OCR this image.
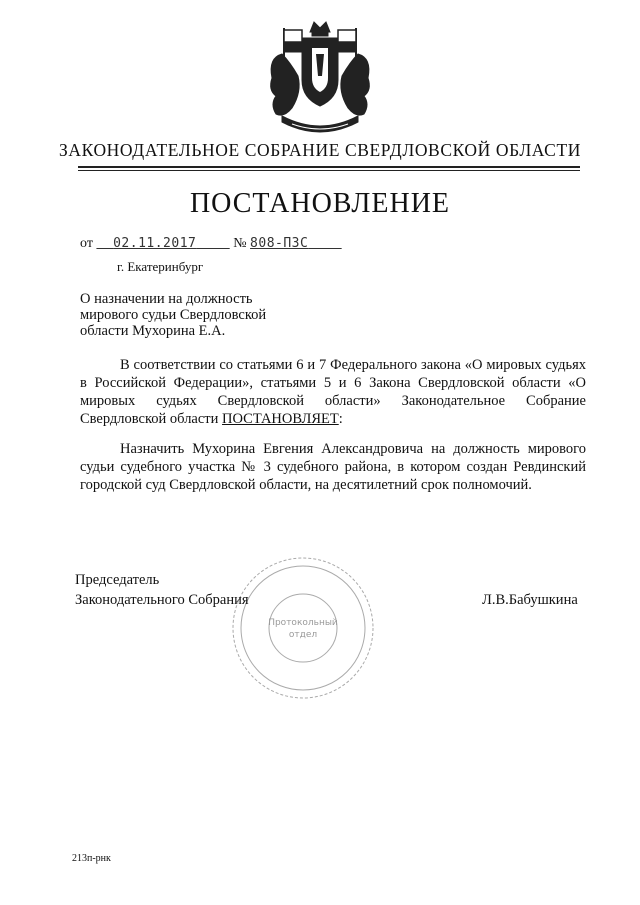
ЗАКОНОДАТЕЛЬНОЕ СОБРАНИЕ СВЕРДЛОВСКОЙ ОБЛАСТИ
ПОСТАНОВЛЕНИЕ
от 02.11.2017	№ 808-ПЗС
г. Екатеринбург
О назначении на должность
мирового судьи Свердловской
области Мухорина Е.А.

В соответствии со статьями 6 и 7 Федерального закона «О мировых судьях в Российской Федерации», статьями 5 и 6 Закона Свердловской области «О мировых судьях Свердловской области» Законодательное Собрание Свердловской области ПОСТАНОВЛЯЕТ:

Назначить Мухорина Евгения Александровича на должность мирового судьи судебного участка № 3 судебного района, в котором создан Ревдинский городской суд Свердловской области, на десятилетний срок полномочий.

Протокольный
отдел
Председатель
Законодательного Собрания	Л.В.Бабушкина
213п-рнк
